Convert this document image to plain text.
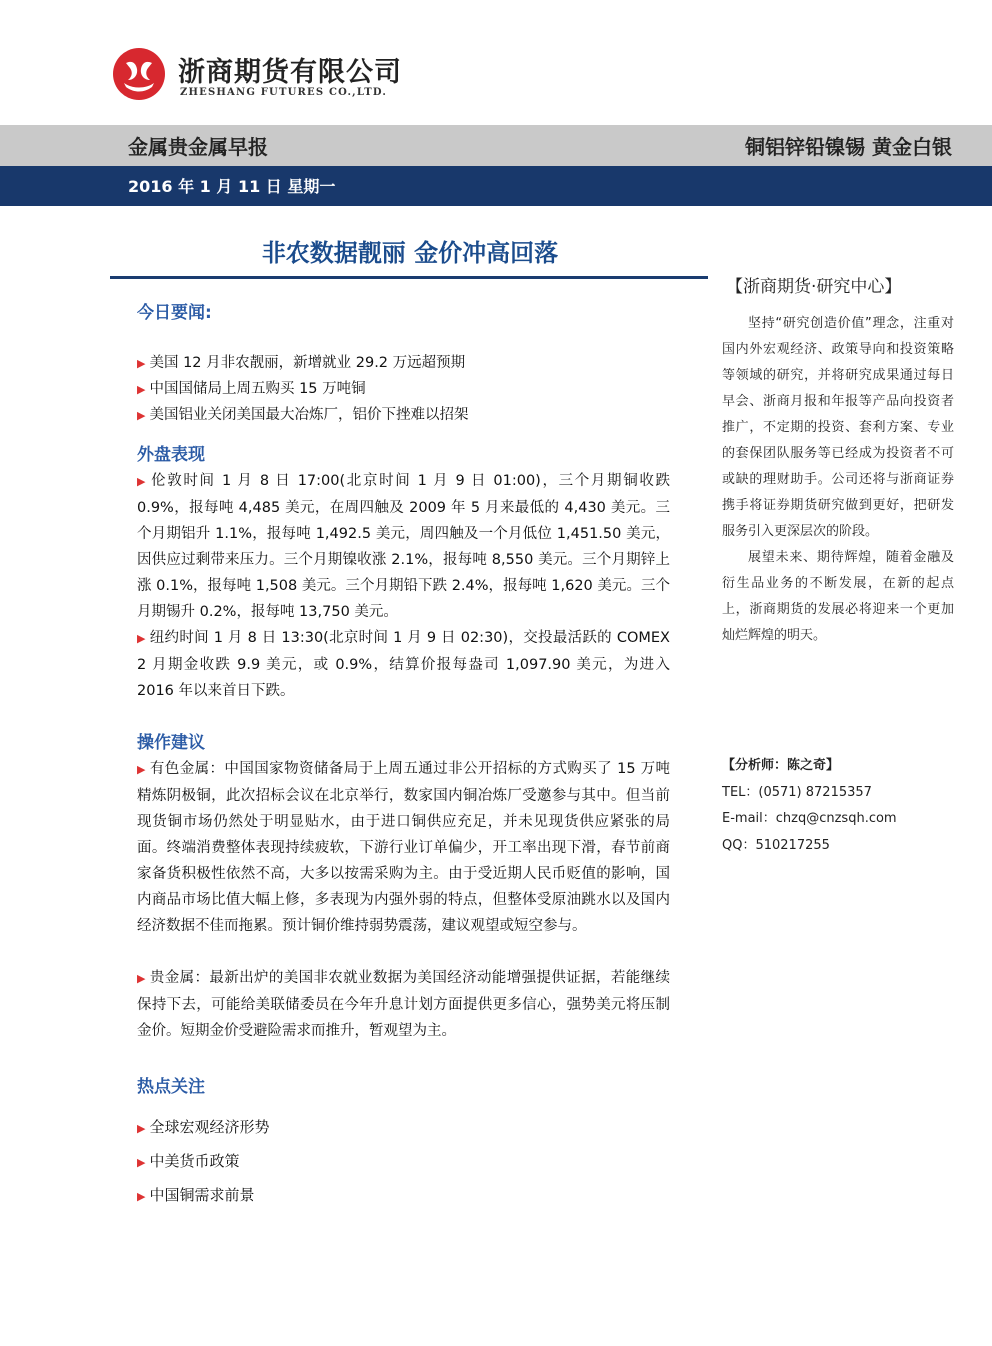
浙商期货有限公司
ZHESHANG FUTURES CO.,LTD.
金属贵金属早报	铜铝锌铅镍锡 黄金白银
2016 年 1 月 11 日 星期一
非农数据靓丽 金价冲高回落
【浙商期货·研究中心】

坚持“研究创造价值”理念，注重对国内外宏观经济、政策导向和投资策略等领域的研究，并将研究成果通过每日早会、浙商月报和年报等产品向投资者推广，不定期的投资、套利方案、专业的套保团队服务等已经成为投资者不可或缺的理财助手。公司还将与浙商证券携手将证券期货研究做到更好，把研发服务引入更深层次的阶段。

展望未来、期待辉煌，随着金融及衍生品业务的不断发展，在新的起点上，浙商期货的发展必将迎来一个更加灿烂辉煌的明天。

【分析师：陈之奇】
TEL：(0571) 87215357
E-mail：chzq@cnzsqh.com
QQ：510217255
今日要闻:
▶ 美国 12 月非农靓丽，新增就业 29.2 万远超预期
▶ 中国国储局上周五购买 15 万吨铜
▶ 美国铝业关闭美国最大冶炼厂，铝价下挫难以招架
外盘表现
▶ 伦敦时间 1 月 8 日 17:00(北京时间 1 月 9 日 01:00)，三个月期铜收跌 0.9%，报每吨 4,485 美元，在周四触及 2009 年 5 月来最低的 4,430 美元。三个月期铝升 1.1%，报每吨 1,492.5 美元，周四触及一个月低位 1,451.50 美元，因供应过剩带来压力。三个月期镍收涨 2.1%，报每吨 8,550 美元。三个月期锌上涨 0.1%，报每吨 1,508 美元。三个月期铅下跌 2.4%，报每吨 1,620 美元。三个月期锡升 0.2%，报每吨 13,750 美元。
▶ 纽约时间 1 月 8 日 13:30(北京时间 1 月 9 日 02:30)，交投最活跃的 COMEX 2 月期金收跌 9.9 美元，或 0.9%，结算价报每盎司 1,097.90 美元，为进入 2016 年以来首日下跌。
操作建议
▶ 有色金属：中国国家物资储备局于上周五通过非公开招标的方式购买了 15 万吨精炼阴极铜，此次招标会议在北京举行，数家国内铜冶炼厂受邀参与其中。但当前现货铜市场仍然处于明显贴水，由于进口铜供应充足，并未见现货供应紧张的局面。终端消费整体表现持续疲软，下游行业订单偏少，开工率出现下滑，春节前商家备货积极性依然不高，大多以按需采购为主。由于受近期人民币贬值的影响，国内商品市场比值大幅上修，多表现为内强外弱的特点，但整体受原油跳水以及国内经济数据不佳而拖累。预计铜价维持弱势震荡，建议观望或短空参与。
▶ 贵金属：最新出炉的美国非农就业数据为美国经济动能增强提供证据，若能继续保持下去，可能给美联储委员在今年升息计划方面提供更多信心，强势美元将压制金价。短期金价受避险需求而推升，暂观望为主。
热点关注
▶ 全球宏观经济形势
▶ 中美货币政策
▶ 中国铜需求前景
